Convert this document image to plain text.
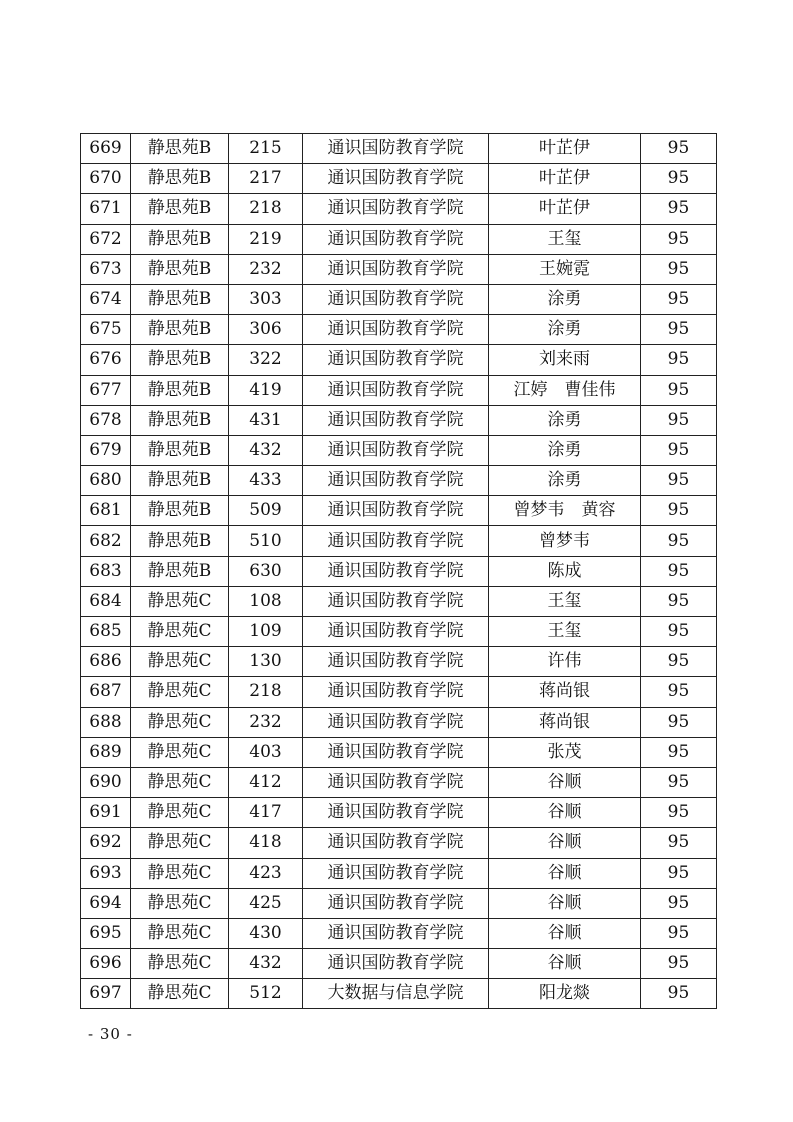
669	静思苑B	215	通识国防教育学院	叶芷伊	95
670	静思苑B	217	通识国防教育学院	叶芷伊	95
671	静思苑B	218	通识国防教育学院	叶芷伊	95
672	静思苑B	219	通识国防教育学院	王玺	95
673	静思苑B	232	通识国防教育学院	王婉霓	95
674	静思苑B	303	通识国防教育学院	涂勇	95
675	静思苑B	306	通识国防教育学院	涂勇	95
676	静思苑B	322	通识国防教育学院	刘来雨	95
677	静思苑B	419	通识国防教育学院	江婷　曹佳伟	95
678	静思苑B	431	通识国防教育学院	涂勇	95
679	静思苑B	432	通识国防教育学院	涂勇	95
680	静思苑B	433	通识国防教育学院	涂勇	95
681	静思苑B	509	通识国防教育学院	曾梦韦　黄容	95
682	静思苑B	510	通识国防教育学院	曾梦韦	95
683	静思苑B	630	通识国防教育学院	陈成	95
684	静思苑C	108	通识国防教育学院	王玺	95
685	静思苑C	109	通识国防教育学院	王玺	95
686	静思苑C	130	通识国防教育学院	许伟	95
687	静思苑C	218	通识国防教育学院	蒋尚银	95
688	静思苑C	232	通识国防教育学院	蒋尚银	95
689	静思苑C	403	通识国防教育学院	张茂	95
690	静思苑C	412	通识国防教育学院	谷顺	95
691	静思苑C	417	通识国防教育学院	谷顺	95
692	静思苑C	418	通识国防教育学院	谷顺	95
693	静思苑C	423	通识国防教育学院	谷顺	95
694	静思苑C	425	通识国防教育学院	谷顺	95
695	静思苑C	430	通识国防教育学院	谷顺	95
696	静思苑C	432	通识国防教育学院	谷顺	95
697	静思苑C	512	大数据与信息学院	阳龙燚	95
- 30 -
